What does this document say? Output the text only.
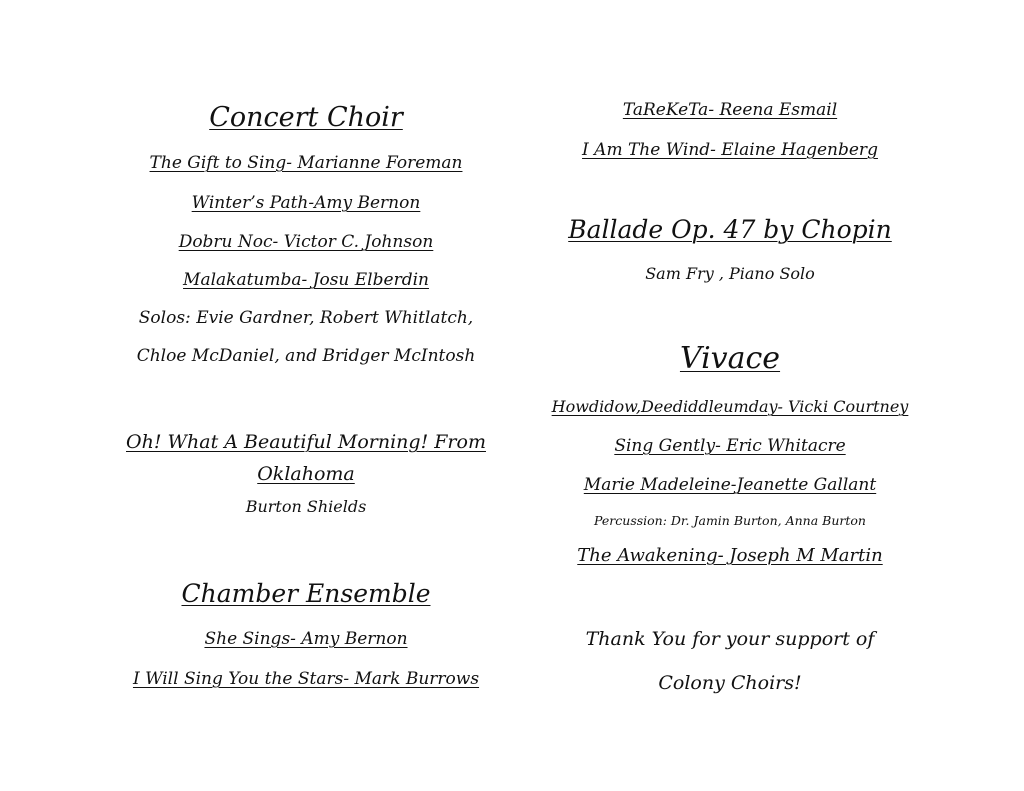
Concert Choir
The Gift to Sing- Marianne Foreman
Winter’s Path-Amy Bernon
Dobru Noc- Victor C. Johnson
Malakatumba- Josu Elberdin
Solos: Evie Gardner, Robert Whitlatch,
Chloe McDaniel, and Bridger McIntosh
Oh! What A Beautiful Morning! From Oklahoma
Burton Shields
Chamber Ensemble
She Sings- Amy Bernon
I Will Sing You the Stars- Mark Burrows
TaReKeTa- Reena Esmail
I Am The Wind- Elaine Hagenberg
Ballade Op. 47 by Chopin
Sam Fry , Piano Solo
Vivace
Howdidow,Deediddleumday- Vicki Courtney
Sing Gently- Eric Whitacre
Marie Madeleine-Jeanette Gallant
Percussion: Dr. Jamin Burton, Anna Burton
The Awakening- Joseph M Martin
Thank You for your support of
Colony Choirs!
